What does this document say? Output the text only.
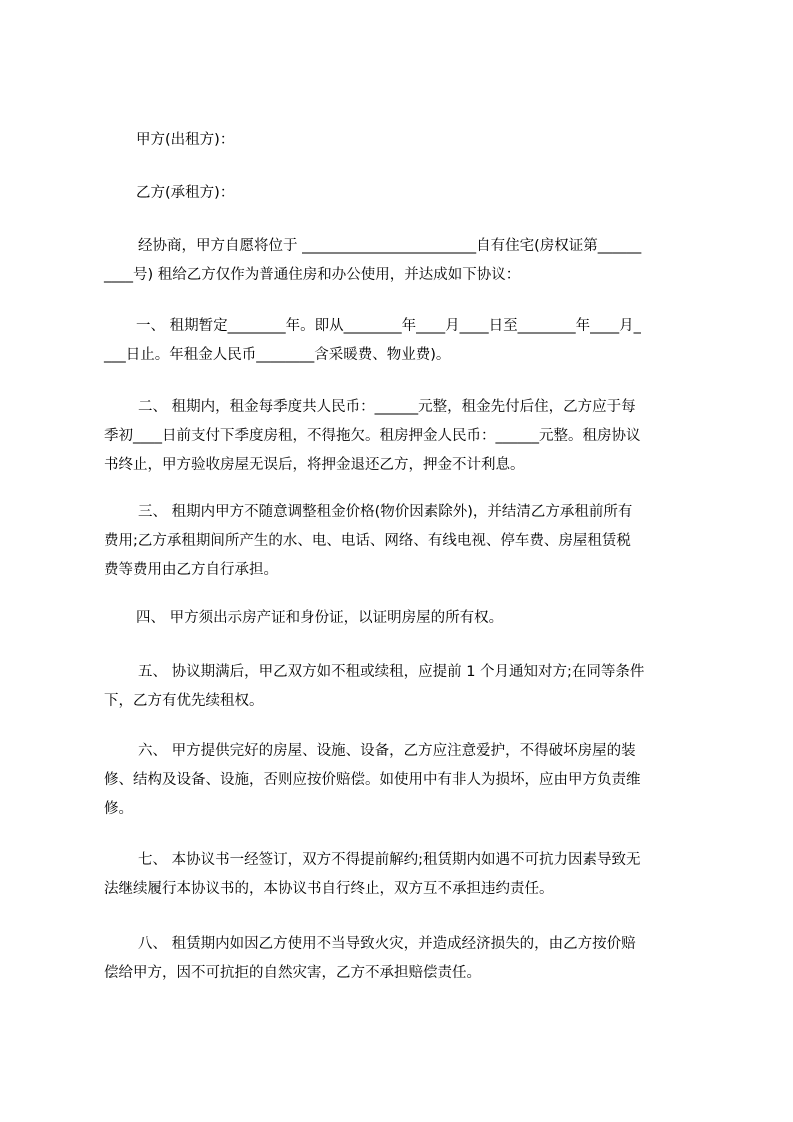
甲方(出租方)：

乙方(承租方)：

经协商，甲方自愿将位于 ________________________自有住宅(房权证第______
____号) 租给乙方仅作为普通住房和办公使用，并达成如下协议：

一、 租期暂定________年。即从________年____月____日至________年____月_
___日止。年租金人民币________含采暖费、物业费)。

二、 租期内，租金每季度共人民币：______元整，租金先付后住，乙方应于每
季初____日前支付下季度房租，不得拖欠。租房押金人民币：______元整。租房协议
书终止，甲方验收房屋无误后，将押金退还乙方，押金不计利息。

三、 租期内甲方不随意调整租金价格(物价因素除外)，并结清乙方承租前所有
费用;乙方承租期间所产生的水、电、电话、网络、有线电视、停车费、房屋租赁税
费等费用由乙方自行承担。

四、 甲方须出示房产证和身份证，以证明房屋的所有权。

五、 协议期满后，甲乙双方如不租或续租，应提前 1 个月通知对方;在同等条件
下，乙方有优先续租权。

六、 甲方提供完好的房屋、设施、设备，乙方应注意爱护，不得破坏房屋的装
修、结构及设备、设施，否则应按价赔偿。如使用中有非人为损坏，应由甲方负责维
修。

七、 本协议书一经签订，双方不得提前解约;租赁期内如遇不可抗力因素导致无
法继续履行本协议书的，本协议书自行终止，双方互不承担违约责任。

八、 租赁期内如因乙方使用不当导致火灾，并造成经济损失的，由乙方按价赔
偿给甲方，因不可抗拒的自然灾害，乙方不承担赔偿责任。
